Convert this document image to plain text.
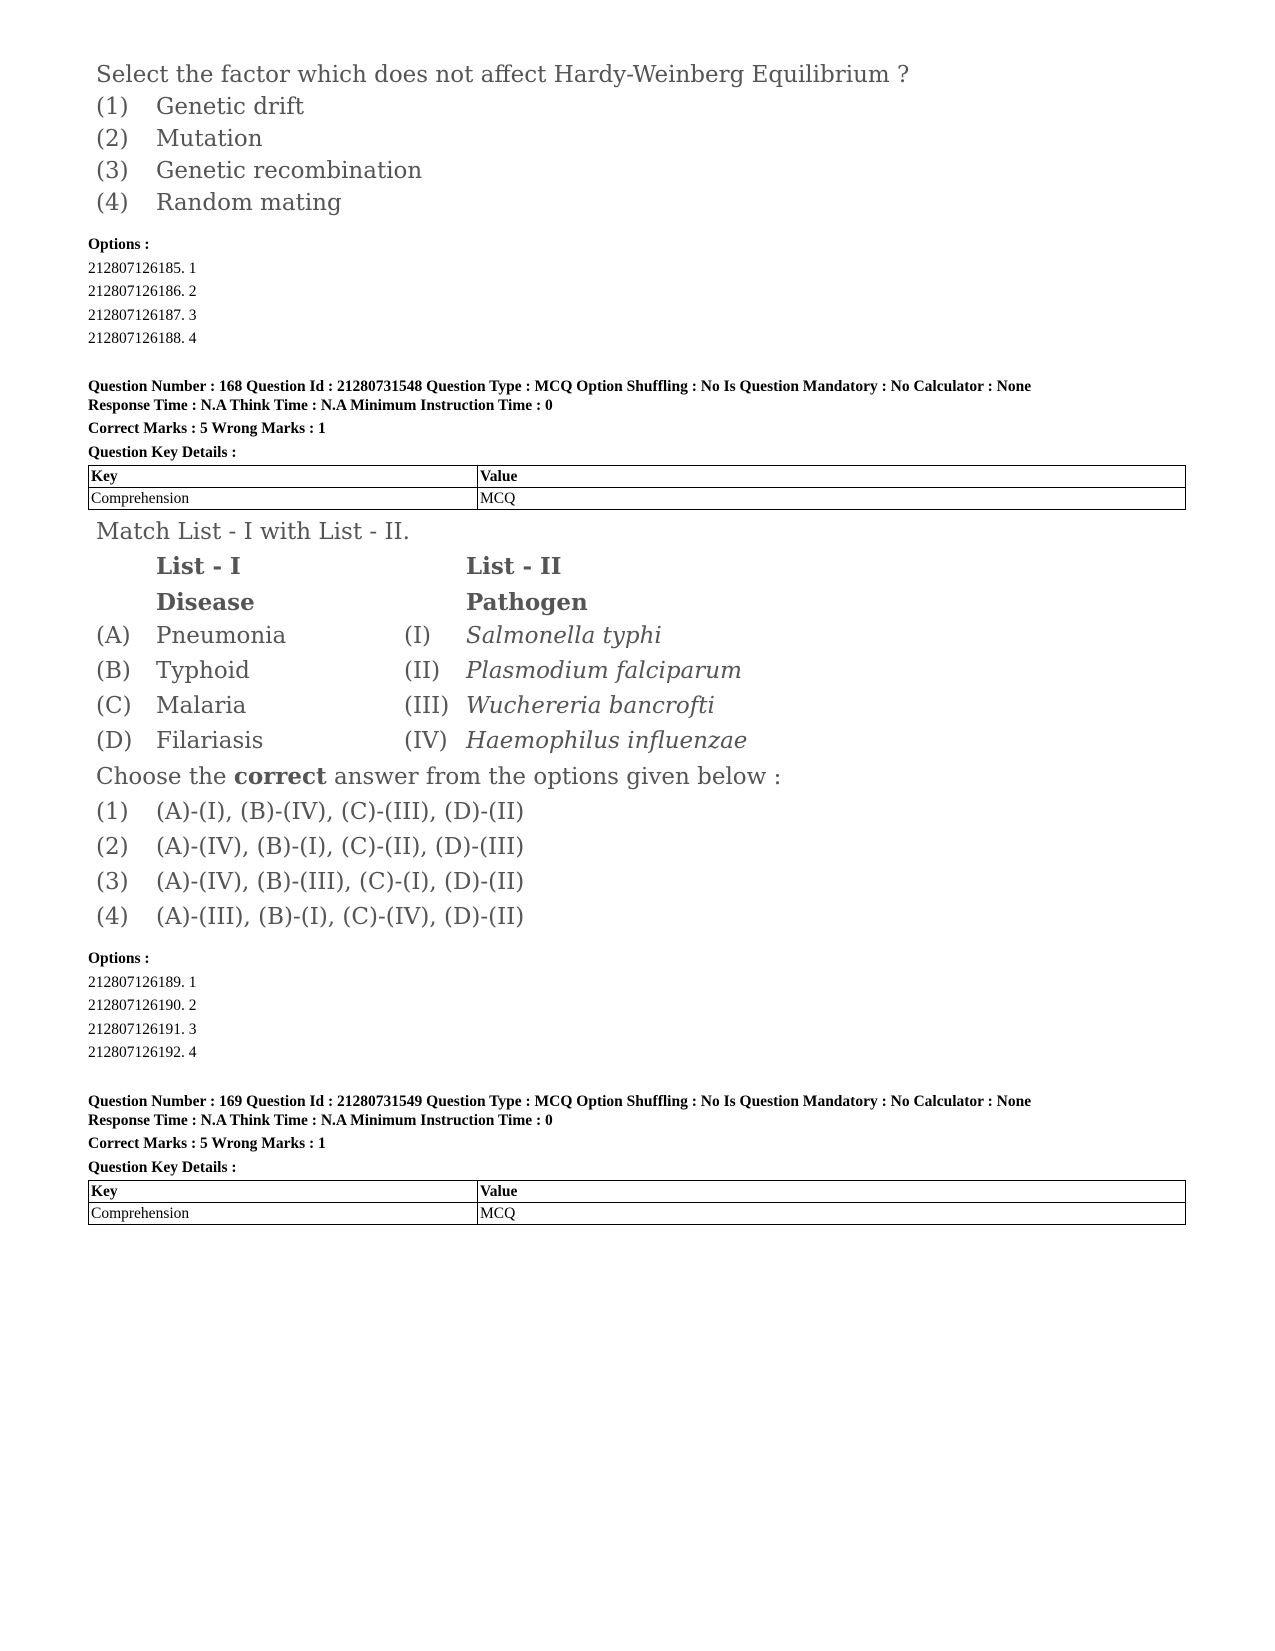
Select the factor which does not affect Hardy-Weinberg Equilibrium ?
(1) Genetic drift
(2) Mutation
(3) Genetic recombination
(4) Random mating
Options :
212807126185. 1
212807126186. 2
212807126187. 3
212807126188. 4
Question Number : 168 Question Id : 21280731548 Question Type : MCQ Option Shuffling : No Is Question Mandatory : No Calculator : None
Response Time : N.A Think Time : N.A Minimum Instruction Time : 0
Correct Marks : 5 Wrong Marks : 1
Question Key Details :
Key	Value
Comprehension	MCQ
Match List - I with List - II.
List - I	List - II
Disease	Pathogen
(A) Pneumonia	(I) Salmonella typhi
(B) Typhoid	(II) Plasmodium falciparum
(C) Malaria	(III) Wuchereria bancrofti
(D) Filariasis	(IV) Haemophilus influenzae
Choose the correct answer from the options given below :
(1) (A)-(I), (B)-(IV), (C)-(III), (D)-(II)
(2) (A)-(IV), (B)-(I), (C)-(II), (D)-(III)
(3) (A)-(IV), (B)-(III), (C)-(I), (D)-(II)
(4) (A)-(III), (B)-(I), (C)-(IV), (D)-(II)
Options :
212807126189. 1
212807126190. 2
212807126191. 3
212807126192. 4
Question Number : 169 Question Id : 21280731549 Question Type : MCQ Option Shuffling : No Is Question Mandatory : No Calculator : None
Response Time : N.A Think Time : N.A Minimum Instruction Time : 0
Correct Marks : 5 Wrong Marks : 1
Question Key Details :
Key	Value
Comprehension	MCQ
